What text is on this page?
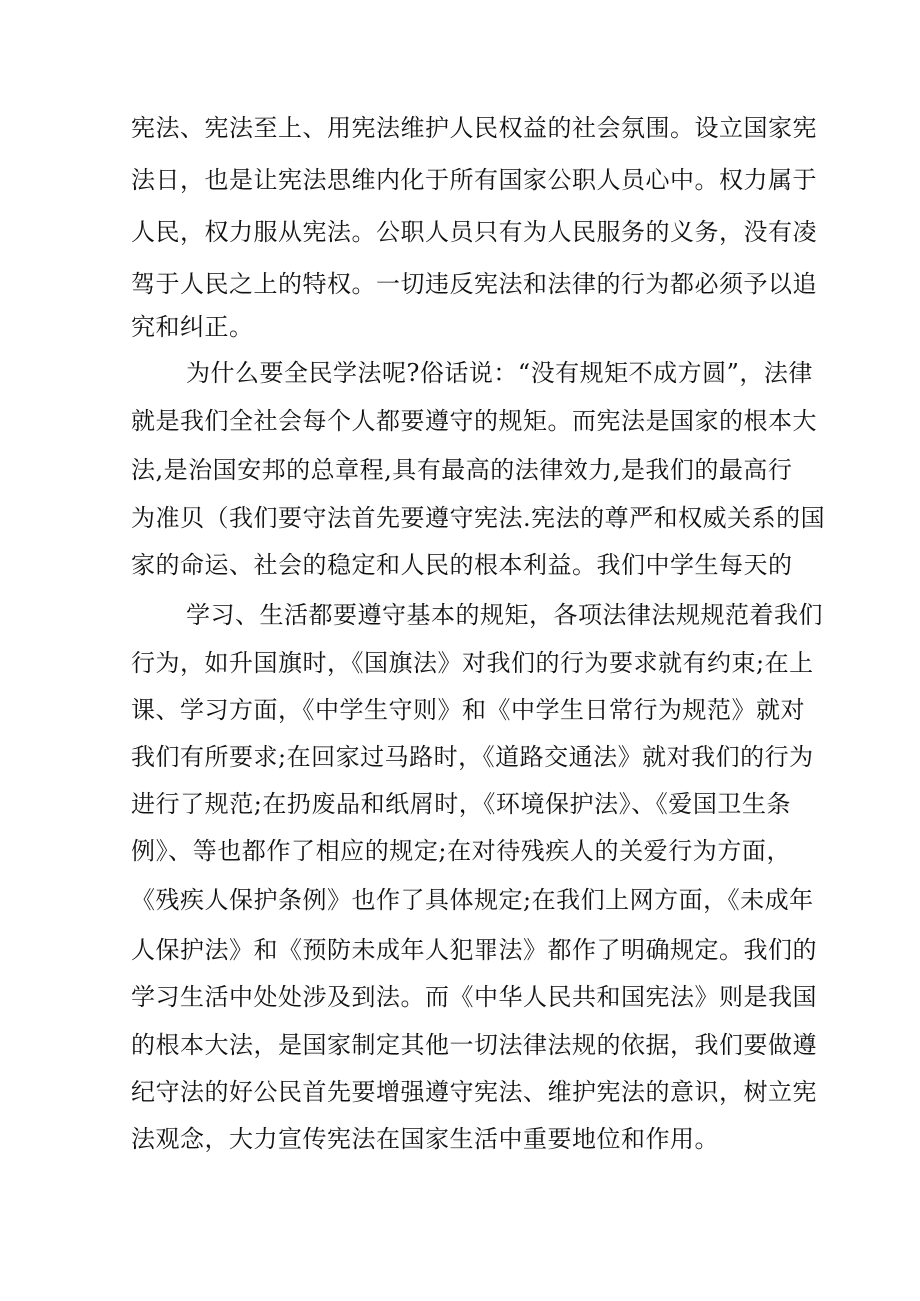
宪法、宪法至上、用宪法维护人民权益的社会氛围。设立国家宪
法日，也是让宪法思维内化于所有国家公职人员心中。权力属于
人民，权力服从宪法。公职人员只有为人民服务的义务，没有凌
驾于人民之上的特权。一切违反宪法和法律的行为都必须予以追
究和纠正。
为什么要全民学法呢?俗话说：“没有规矩不成方圆”，法律
就是我们全社会每个人都要遵守的规矩。而宪法是国家的根本大
法,是治国安邦的总章程,具有最高的法律效力,是我们的最高行
为准贝（我们要守法首先要遵守宪法.宪法的尊严和权威关系的国
家的命运、社会的稳定和人民的根本利益。我们中学生每天的
学习、生活都要遵守基本的规矩，各项法律法规规范着我们
行为，如升国旗时，《国旗法》对我们的行为要求就有约束;在上
课、学习方面，《中学生守则》和《中学生日常行为规范》就对
我们有所要求;在回家过马路时，《道路交通法》就对我们的行为
进行了规范;在扔废品和纸屑时，《环境保护法》、《爱国卫生条
例》、等也都作了相应的规定;在对待残疾人的关爱行为方面，
《残疾人保护条例》也作了具体规定;在我们上网方面，《未成年
人保护法》和《预防未成年人犯罪法》都作了明确规定。我们的
学习生活中处处涉及到法。而《中华人民共和国宪法》则是我国
的根本大法，是国家制定其他一切法律法规的依据，我们要做遵
纪守法的好公民首先要增强遵守宪法、维护宪法的意识，树立宪
法观念，大力宣传宪法在国家生活中重要地位和作用。
